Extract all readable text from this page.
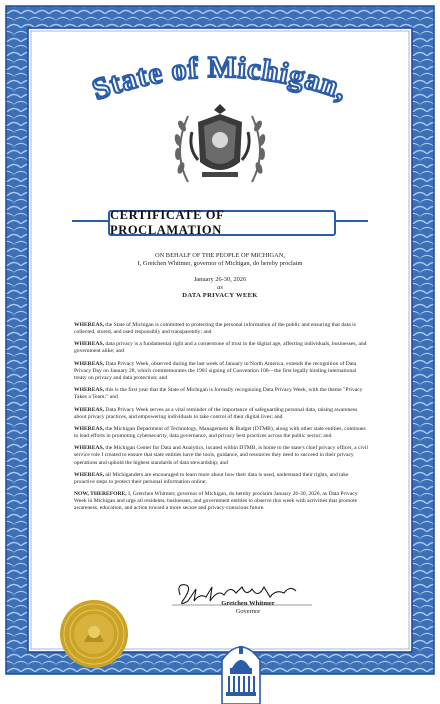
State of Michigan,
CERTIFICATE OF PROCLAMATION
ON BEHALF OF THE PEOPLE OF MICHIGAN,
I, Gretchen Whitmer, governor of Michigan, do hereby proclaim
January 26-30, 2026
as
DATA PRIVACY WEEK

WHEREAS, the State of Michigan is committed to protecting the personal information of the public and ensuring that data is collected, stored, and used responsibly and transparently; and

WHEREAS, data privacy is a fundamental right and a cornerstone of trust in the digital age, affecting individuals, businesses, and government alike; and

WHEREAS, Data Privacy Week, observed during the last week of January in North America, extends the recognition of Data Privacy Day on January 28, which commemorates the 1981 signing of Convention 108—the first legally binding international treaty on privacy and data protection; and

WHEREAS, this is the first year that the State of Michigan is formally recognizing Data Privacy Week, with the theme "Privacy Takes a Team;" and

WHEREAS, Data Privacy Week serves as a vital reminder of the importance of safeguarding personal data, raising awareness about privacy practices, and empowering individuals to take control of their digital lives; and

WHEREAS, the Michigan Department of Technology, Management & Budget (DTMB), along with other state entities, continues to lead efforts in promoting cybersecurity, data governance, and privacy best practices across the public sector; and

WHEREAS, the Michigan Center for Data and Analytics, located within DTMB, is home to the state's chief privacy officer, a civil service role I created to ensure that state entities have the tools, guidance, and resources they need to succeed in their privacy operations and uphold the highest standards of data stewardship; and

WHEREAS, all Michiganders are encouraged to learn more about how their data is used, understand their rights, and take proactive steps to protect their personal information online;

NOW, THEREFORE, I, Gretchen Whitmer, governor of Michigan, do hereby proclaim January 26-30, 2026, as Data Privacy Week in Michigan and urge all residents, businesses, and government entities to observe this week with activities that promote awareness, education, and action toward a more secure and privacy-conscious future.

Gretchen Whitmer
Gretchen Whitmer
Governor
